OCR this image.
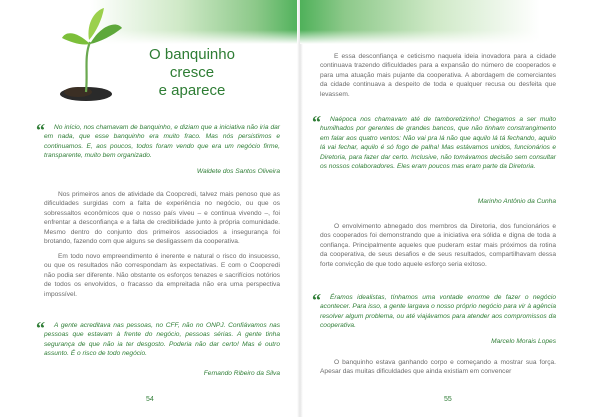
O banquinho
cresce
e aparece
“	No início, nos chamavam de banquinho, e diziam que a iniciativa não iria dar em nada, que esse banquinho era muito fraco. Mas nós persistimos e continuamos. E, aos poucos, todos foram vendo que era um negócio firme, transparente, muito bem organizado.

Waldete dos Santos Oliveira

Nos primeiros anos de atividade da Coopcredi, talvez mais penoso que as dificuldades surgidas com a falta de experiência no negócio, ou que os sobressaltos econômicos que o nosso país viveu – e continua vivendo –, foi enfrentar a desconfiança e a falta de credibilidade junto à própria comunidade. Mesmo dentro do conjunto dos primeiros associados a insegurança foi brotando, fazendo com que alguns se desligassem da cooperativa.

Em todo novo empreendimento é inerente e natural o risco do insucesso, ou que os resultados não correspondam às expectativas. E com o Coopcredi não podia ser diferente. Não obstante os esforços tenazes e sacrifícios notórios de todos os envolvidos, o fracasso da empreitada não era uma perspectiva impossível.

“	A gente acreditava nas pessoas, no CFF, não no ONPJ. Confiávamos nas pessoas que estavam à frente do negócio, pessoas sérias. A gente tinha segurança de que não ia ter desgosto. Poderia não dar certo! Mas é outro assunto. É o risco de todo negócio.

Fernando Ribeiro da Silva
54

E essa desconfiança e ceticismo naquela ideia inovadora para a cidade continuava trazendo dificuldades para a expansão do número de cooperados e para uma atuação mais pujante da cooperativa. A abordagem de comerciantes da cidade continuava a despeito de toda e qualquer recusa ou desfeita que levassem.

“	Naépoca nos chamavam até de tamboretizinho! Chegamos a ser muito humilhados por gerentes de grandes bancos, que não tinham constrangimento em falar aos quatro ventos: Não vai pra lá não que aquilo lá tá fechando, aquilo lá vai fechar, aquilo é só fogo de palha! Mas estávamos unidos, funcionários e Diretoria, para fazer dar certo. Inclusive, não tomávamos decisão sem consultar os nossos colaboradores. Eles eram poucos mas eram parte da Diretoria.

Marinho Antônio da Cunha

O envolvimento abnegado dos membros da Diretoria, dos funcionários e dos cooperados foi demonstrando que a iniciativa era sólida e digna de toda a confiança. Principalmente aqueles que puderam estar mais próximos da rotina da cooperativa, de seus desafios e de seus resultados, compartilhavam dessa forte convicção de que todo aquele esforço seria exitoso.

“	Éramos idealistas, tínhamos uma vontade enorme de fazer o negócio acontecer. Para isso, a gente largava o nosso próprio negócio para vir à agência resolver algum problema, ou até viajávamos para atender aos compromissos da cooperativa.

Marcelo Morais Lopes

O banquinho estava ganhando corpo e começando a mostrar sua força. Apesar das muitas dificuldades que ainda existiam em convencer

55
